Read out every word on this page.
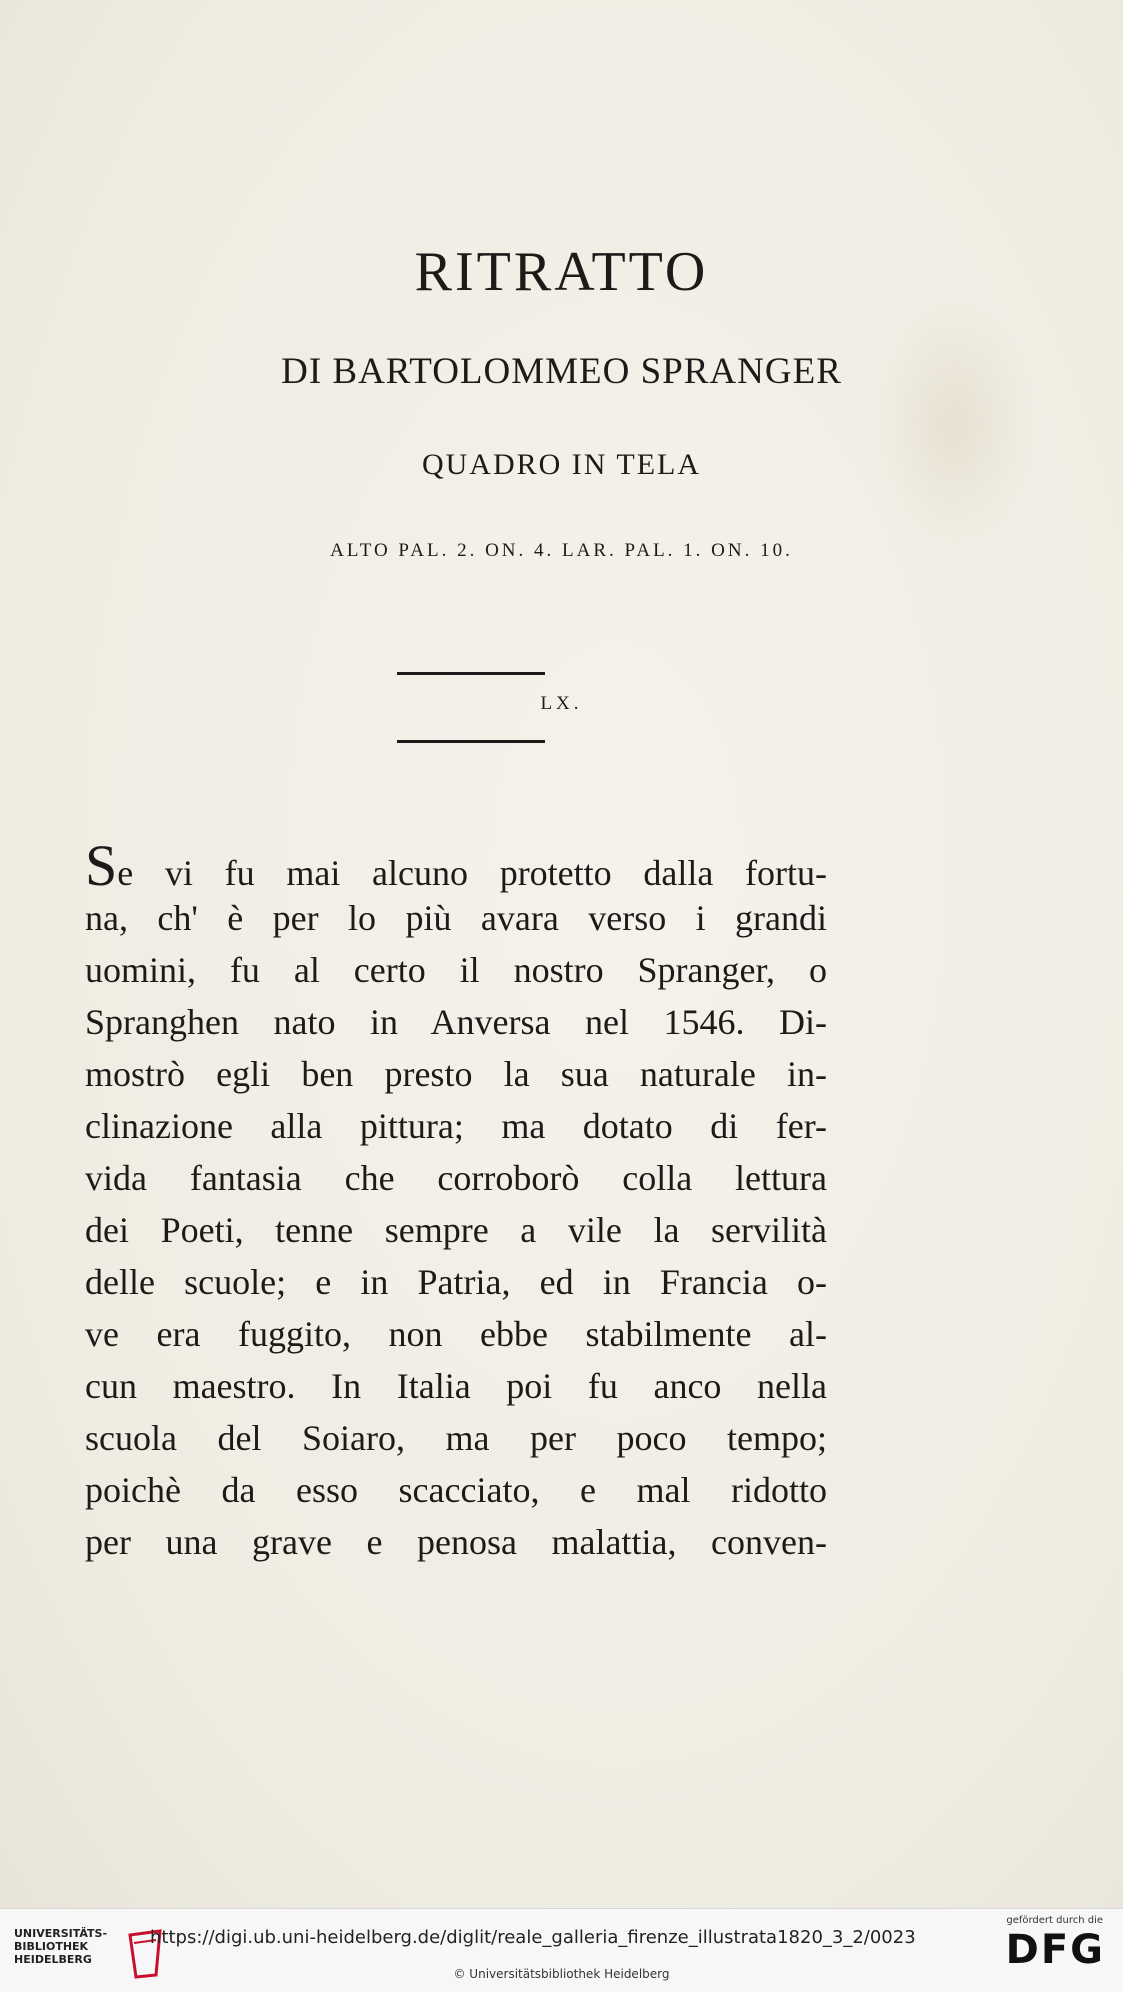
RITRATTO
DI BARTOLOMMEO SPRANGER
QUADRO IN TELA
ALTO PAL. 2. ON. 4. LAR. PAL. 1. ON. 10.
LX.
Se vi fu mai alcuno protetto dalla fortu-
na, ch' è per lo più avara verso i grandi
uomini, fu al certo il nostro Spranger, o
Spranghen nato in Anversa nel 1546. Di-
mostrò egli ben presto la sua naturale in-
clinazione alla pittura; ma dotato di fer-
vida fantasia che corroborò colla lettura
dei Poeti, tenne sempre a vile la servilità
delle scuole; e in Patria, ed in Francia o-
ve era fuggito, non ebbe stabilmente al-
cun maestro. In Italia poi fu anco nella
scuola del Soiaro, ma per poco tempo;
poichè da esso scacciato, e mal ridotto
per una grave e penosa malattia, conven-
UNIVERSITÄTS-
BIBLIOTHEK
HEIDELBERG
https://digi.ub.uni-heidelberg.de/diglit/reale_galleria_firenze_illustrata1820_3_2/0023
© Universitätsbibliothek Heidelberg
gefördert durch die
DFG
